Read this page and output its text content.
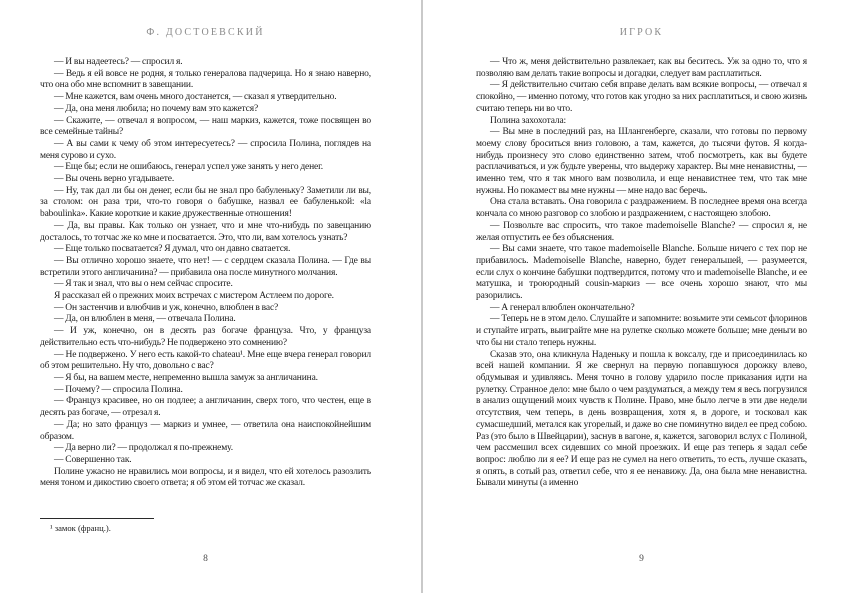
Ф. ДОСТОЕВСКИЙ

— И вы надеетесь? — спросил я.

— Ведь я ей вовсе не родня, я только генералова падчерица. Но я знаю наверно, что она обо мне вспомнит в завещании.

— Мне кажется, вам очень много достанется, — сказал я утвердительно.

— Да, она меня любила; но почему вам это кажется?

— Скажите, — отвечал я вопросом, — наш маркиз, кажется, тоже посвящен во все семейные тайны?

— А вы сами к чему об этом интересуетесь? — спросила Полина, поглядев на меня сурово и сухо.

— Еще бы; если не ошибаюсь, генерал успел уже занять у него денег.

— Вы очень верно угадываете.

— Ну, так дал ли бы он денег, если бы не знал про бабуленьку? Заметили ли вы, за столом: он раза три, что-то говоря о бабушке, назвал ее бабуленькой: «la baboulinka». Какие короткие и какие дружественные отношения!

— Да, вы правы. Как только он узнает, что и мне что-нибудь по завещанию досталось, то тотчас же ко мне и посватается. Это, что ли, вам хотелось узнать?

— Еще только посватается? Я думал, что он давно сватается.

— Вы отлично хорошо знаете, что нет! — с сердцем сказала Полина. — Где вы встретили этого англичанина? — прибавила она после минутного молчания.

— Я так и знал, что вы о нем сейчас спросите.

Я рассказал ей о прежних моих встречах с мистером Астлеем по дороге.

— Он застенчив и влюбчив и уж, конечно, влюблен в вас?

— Да, он влюблен в меня, — отвечала Полина.

— И уж, конечно, он в десять раз богаче француза. Что, у француза действительно есть что-нибудь? Не подвержено это сомнению?

— Не подвержено. У него есть какой-то chateau¹. Мне еще вчера генерал говорил об этом решительно. Ну что, довольно с вас?

— Я бы, на вашем месте, непременно вышла замуж за англичанина.

— Почему? — спросила Полина.

— Француз красивее, но он подлее; а англичанин, сверх того, что честен, еще в десять раз богаче, — отрезал я.

— Да; но зато француз — маркиз и умнее, — ответила она наиспокойнейшим образом.

— Да верно ли? — продолжал я по-прежнему.

— Совершенно так.

Полине ужасно не нравились мои вопросы, и я видел, что ей хотелось разозлить меня тоном и дикостию своего ответа; я об этом ей тотчас же сказал.

¹ замок (франц.).
8
ИГРОК

— Что ж, меня действительно развлекает, как вы беситесь. Уж за одно то, что я позволяю вам делать такие вопросы и догадки, следует вам расплатиться.

— Я действительно считаю себя вправе делать вам всякие вопросы, — отвечал я спокойно, — именно потому, что готов как угодно за них расплатиться, и свою жизнь считаю теперь ни во что.

Полина захохотала:

— Вы мне в последний раз, на Шлангенберге, сказали, что готовы по первому моему слову броситься вниз головою, а там, кажется, до тысячи футов. Я когда-нибудь произнесу это слово единственно затем, чтоб посмотреть, как вы будете расплачиваться, и уж будьте уверены, что выдержу характер. Вы мне ненавистны, — именно тем, что я так много вам позволила, и еще ненавистнее тем, что так мне нужны. Но покамест вы мне нужны — мне надо вас беречь.

Она стала вставать. Она говорила с раздражением. В последнее время она всегда кончала со мною разговор со злобою и раздражением, с настоящею злобою.

— Позвольте вас спросить, что такое mademoiselle Blanche? — спросил я, не желая отпустить ее без объяснения.

— Вы сами знаете, что такое mademoiselle Blanche. Больше ничего с тех пор не прибавилось. Mademoiselle Blanche, наверно, будет генеральшей, — разумеется, если слух о кончине бабушки подтвердится, потому что и mademoiselle Blanche, и ее матушка, и троюродный cousin-маркиз — все очень хорошо знают, что мы разорились.

— А генерал влюблен окончательно?

— Теперь не в этом дело. Слушайте и запомните: возьмите эти семьсот флоринов и ступайте играть, выиграйте мне на рулетке сколько можете больше; мне деньги во что бы ни стало теперь нужны.

Сказав это, она кликнула Наденьку и пошла к воксалу, где и присоединилась ко всей нашей компании. Я же свернул на первую попавшуюся дорожку влево, обдумывая и удивляясь. Меня точно в голову ударило после приказания идти на рулетку. Странное дело: мне было о чем раздуматься, а между тем я весь погрузился в анализ ощущений моих чувств к Полине. Право, мне было легче в эти две недели отсутствия, чем теперь, в день возвращения, хотя я, в дороге, и тосковал как сумасшедший, метался как угорелый, и даже во сне поминутно видел ее пред собою. Раз (это было в Швейцарии), заснув в вагоне, я, кажется, заговорил вслух с Полиной, чем рассмешил всех сидевших со мной проезжих. И еще раз теперь я задал себе вопрос: люблю ли я ее? И еще раз не сумел на него ответить, то есть, лучше сказать, я опять, в сотый раз, ответил себе, что я ее ненавижу. Да, она была мне ненавистна. Бывали минуты (а именно

9
